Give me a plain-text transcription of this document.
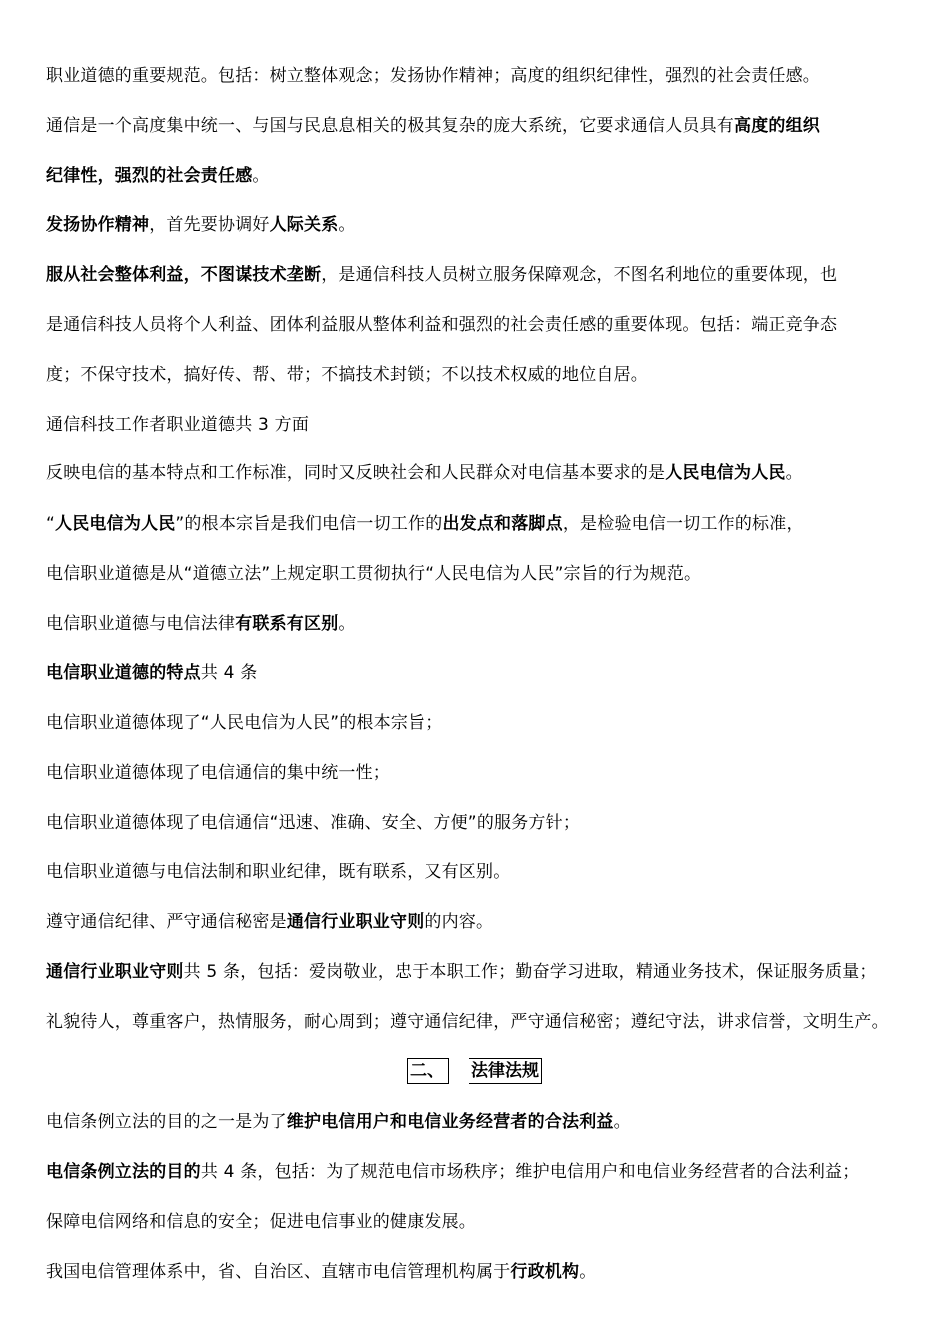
二、 法律法规
职业道德的重要规范。包括：树立整体观念；发扬协作精神；高度的组织纪律性，强烈的社会责任感。
通信是一个高度集中统一、与国与民息息相关的极其复杂的庞大系统，它要求通信人员具有高度的组织
纪律性，强烈的社会责任感。
发扬协作精神，首先要协调好人际关系。
服从社会整体利益，不图谋技术垄断，是通信科技人员树立服务保障观念，不图名利地位的重要体现，也
是通信科技人员将个人利益、团体利益服从整体利益和强烈的社会责任感的重要体现。包括：端正竞争态
度；不保守技术，搞好传、帮、带；不搞技术封锁；不以技术权威的地位自居。
通信科技工作者职业道德共 3 方面
反映电信的基本特点和工作标准，同时又反映社会和人民群众对电信基本要求的是人民电信为人民。
“人民电信为人民”的根本宗旨是我们电信一切工作的出发点和落脚点，是检验电信一切工作的标准，
电信职业道德是从“道德立法”上规定职工贯彻执行“人民电信为人民”宗旨的行为规范。
电信职业道德与电信法律有联系有区别。
电信职业道德的特点共 4 条
电信职业道德体现了“人民电信为人民”的根本宗旨；
电信职业道德体现了电信通信的集中统一性；
电信职业道德体现了电信通信“迅速、准确、安全、方便”的服务方针；
电信职业道德与电信法制和职业纪律，既有联系，又有区别。
遵守通信纪律、严守通信秘密是通信行业职业守则的内容。
通信行业职业守则共 5 条，包括：爱岗敬业，忠于本职工作；勤奋学习进取，精通业务技术，保证服务质量；
礼貌待人，尊重客户，热情服务，耐心周到；遵守通信纪律，严守通信秘密；遵纪守法，讲求信誉，文明生产。
电信条例立法的目的之一是为了维护电信用户和电信业务经营者的合法利益。
电信条例立法的目的共 4 条，包括：为了规范电信市场秩序；维护电信用户和电信业务经营者的合法利益；
保障电信网络和信息的安全；促进电信事业的健康发展。
我国电信管理体系中，省、自治区、直辖市电信管理机构属于行政机构。
